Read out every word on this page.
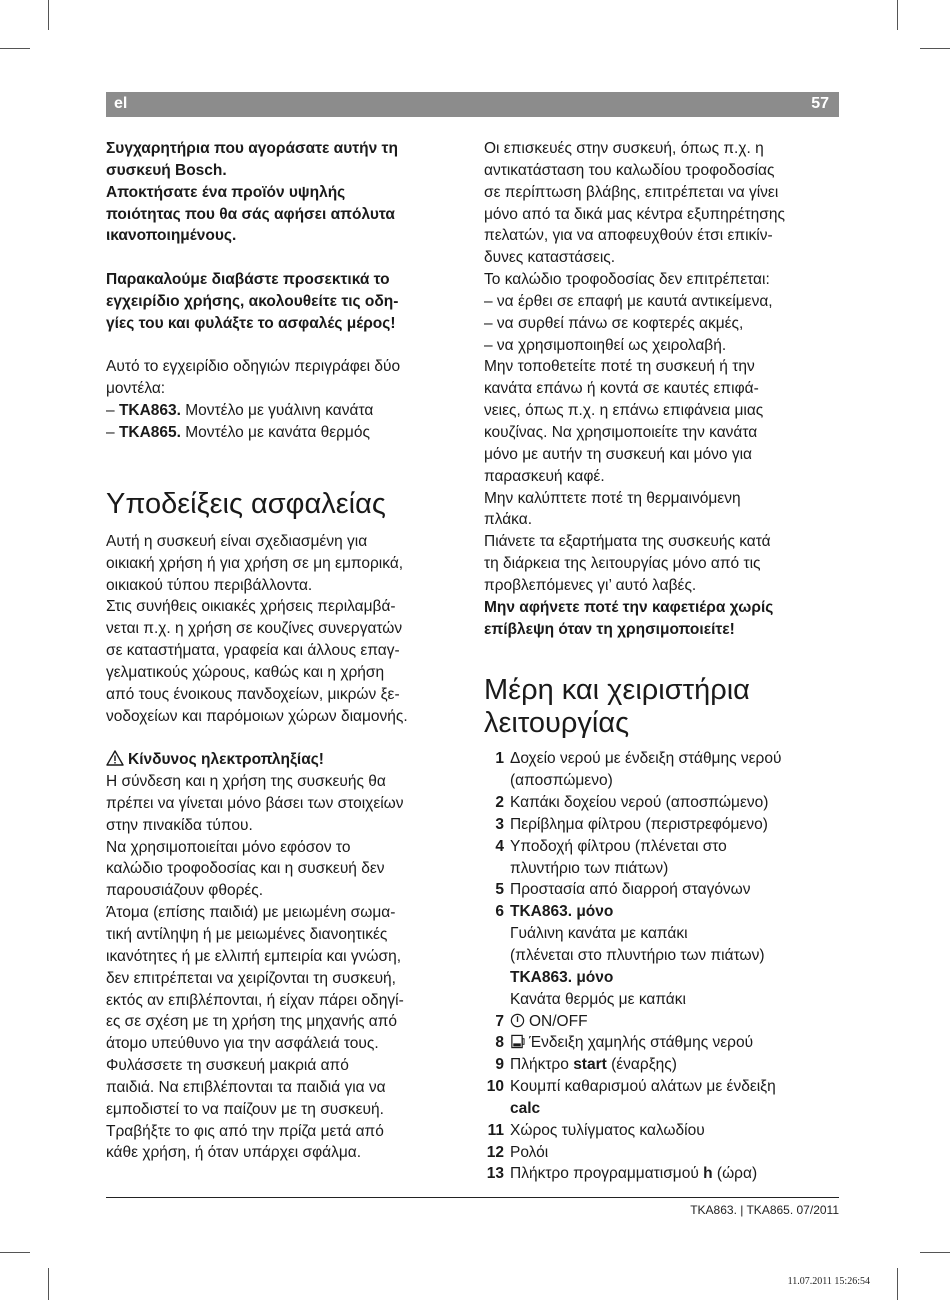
el	57

Συγχαρητήρια που αγοράσατε αυτήν τη

συσκευή Bosch.

Αποκτήσατε ένα προϊόν υψηλής

ποιότητας που θα σάς αφήσει απόλυτα

ικανοποιημένους.

Παρακαλούμε διαβάστε προσεκτικά το

εγχειρίδιο χρήσης, ακολουθείτε τις οδη-

γίες του και φυλάξτε το ασφαλές μέρος!

Αυτό το εγχειρίδιο οδηγιών περιγράφει δύο

μοντέλα:

– TKA863. Μοντέλο με γυάλινη κανάτα

– TKA865. Μοντέλο με κανάτα θερμός

Υποδείξεις ασφαλείας

Αυτή η συσκευή είναι σχεδιασμένη για

οικιακή χρήση ή για χρήση σε μη εμπορικά,

οικιακού τύπου περιβάλλοντα.

Στις συνήθεις οικιακές χρήσεις περιλαμβά-

νεται π.χ. η χρήση σε κουζίνες συνεργατών

σε καταστήματα, γραφεία και άλλους επαγ-

γελματικούς χώρους, καθώς και η χρήση

από τους ένοικους πανδοχείων, μικρών ξε-

νοδοχείων και παρόμοιων χώρων διαμονής.

Κίνδυνος ηλεκτροπληξίας!

Η σύνδεση και η χρήση της συσκευής θα

πρέπει να γίνεται μόνο βάσει των στοιχείων

στην πινακίδα τύπου.

Να χρησιμοποιείται μόνο εφόσον το

καλώδιο τροφοδοσίας και η συσκευή δεν

παρουσιάζουν φθορές.

Άτομα (επίσης παιδιά) με μειωμένη σωμα-

τική αντίληψη ή με μειωμένες διανοητικές

ικανότητες ή με ελλιπή εμπειρία και γνώση,

δεν επιτρέπεται να χειρίζονται τη συσκευή,

εκτός αν επιβλέπονται, ή είχαν πάρει οδηγί-

ες σε σχέση με τη χρήση της μηχανής από

άτομο υπεύθυνο για την ασφάλειά τους.

Φυλάσσετε τη συσκευή μακριά από

παιδιά. Να επιβλέπονται τα παιδιά για να

εμποδιστεί το να παίζουν με τη συσκευή.

Τραβήξτε το φις από την πρίζα μετά από

κάθε χρήση, ή όταν υπάρχει σφάλμα.

Οι επισκευές στην συσκευή, όπως π.χ. η

αντικατάσταση του καλωδίου τροφοδοσίας

σε περίπτωση βλάβης, επιτρέπεται να γίνει

μόνο από τα δικά μας κέντρα εξυπηρέτησης

πελατών, για να αποφευχθούν έτσι επικίν-

δυνες καταστάσεις.

Το καλώδιο τροφοδοσίας δεν επιτρέπεται:

– να έρθει σε επαφή με καυτά αντικείμενα,

– να συρθεί πάνω σε κοφτερές ακμές,

– να χρησιμοποιηθεί ως χειρολαβή.

Μην τοποθετείτε ποτέ τη συσκευή ή την

κανάτα επάνω ή κοντά σε καυτές επιφά-

νειες, όπως π.χ. η επάνω επιφάνεια μιας

κουζίνας. Να χρησιμοποιείτε την κανάτα

μόνο με αυτήν τη συσκευή και μόνο για

παρασκευή καφέ.

Μην καλύπτετε ποτέ τη θερμαινόμενη

πλάκα.

Πιάνετε τα εξαρτήματα της συσκευής κατά

τη διάρκεια της λειτουργίας μόνο από τις

προβλεπόμενες γι’ αυτό λαβές.

Μην αφήνετε ποτέ την καφετιέρα χωρίς

επίβλεψη όταν τη χρησιμοποιείτε!

Μέρη και χειριστήρια
λειτουργίας
1 Δοχείο νερού με ένδειξη στάθμης νερού
(αποσπώμενο)
2 Καπάκι δοχείου νερού (αποσπώμενο)
3 Περίβλημα φίλτρου (περιστρεφόμενο)
4 Υποδοχή φίλτρου (πλένεται στο
πλυντήριο των πιάτων)
5 Προστασία από διαρροή σταγόνων
6 TKA863. μόνο
Γυάλινη κανάτα με καπάκι
(πλένεται στο πλυντήριο των πιάτων)
TKA863. μόνο
Κανάτα θερμός με καπάκι
7 ON/OFF
8 Ένδειξη χαμηλής στάθμης νερού
9 Πλήκτρο start (έναρξης)
10 Κουμπί καθαρισμού αλάτων με ένδειξη
calc
11 Χώρος τυλίγματος καλωδίου
12 Ρολόι
13 Πλήκτρο προγραμματισμού h (ώρα)
TKA863. | TKA865. 07/2011
11.07.2011 15:26:54
